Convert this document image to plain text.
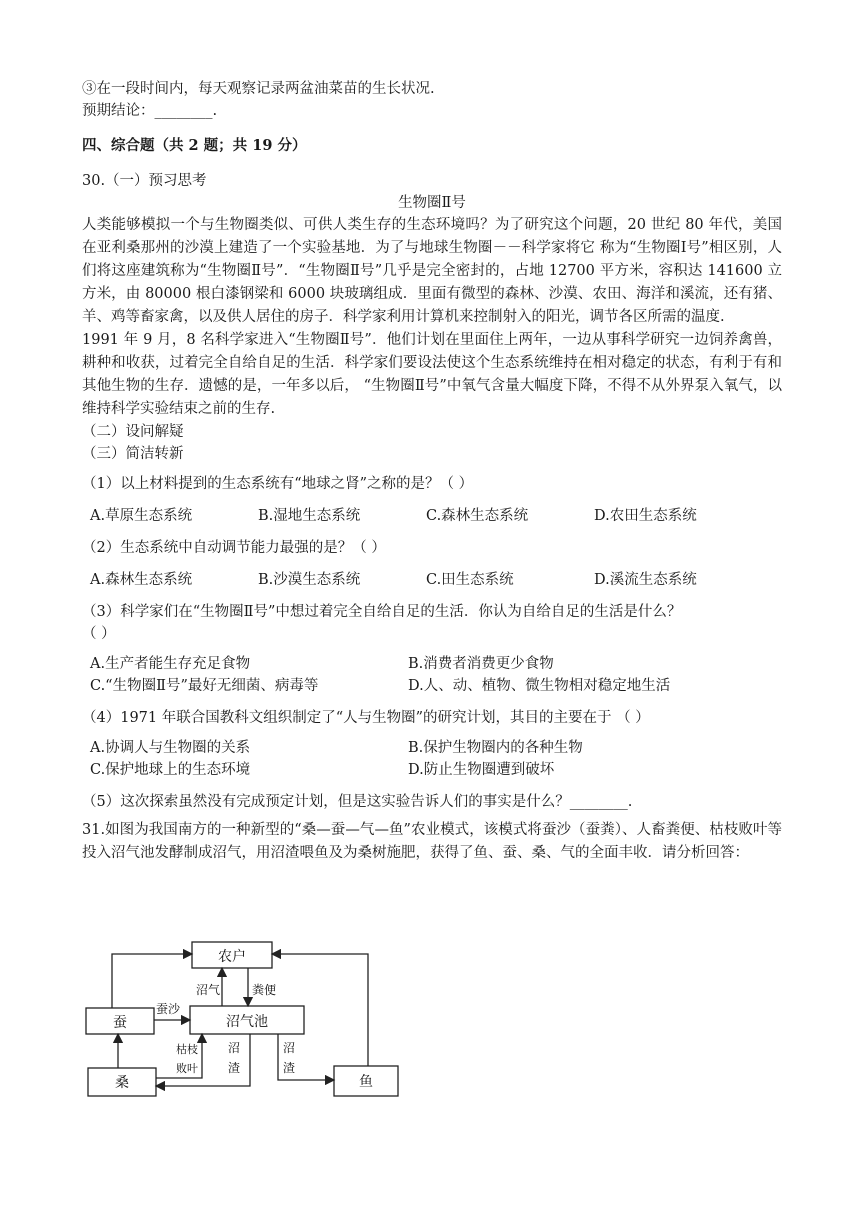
③在一段时间内，每天观察记录两盆油菜苗的生长状况.
预期结论：________.
四、综合题（共 2 题；共 19 分）
30.（一）预习思考
生物圈Ⅱ号
人类能够模拟一个与生物圈类似、可供人类生存的生态环境吗？为了研究这个问题，20 世纪 80 年代，美国在亚利桑那州的沙漠上建造了一个实验基地．为了与地球生物圈－－科学家将它 称为“生物圈Ⅰ号”相区别，人们将这座建筑称为“生物圈Ⅱ号”．“生物圈Ⅱ号”几乎是完全密封的，占地 12700 平方米，容积达 141600 立方米，由 80000 根白漆钢梁和 6000 块玻璃组成．里面有微型的森林、沙漠、农田、海洋和溪流，还有猪、羊、鸡等畜家禽，以及供人居住的房子．科学家利用计算机来控制射入的阳光，调节各区所需的温度.
1991 年 9 月，8 名科学家进入“生物圈Ⅱ号”．他们计划在里面住上两年，一边从事科学研究一边饲养禽兽，耕种和收获，过着完全自给自足的生活．科学家们要设法使这个生态系统维持在相对稳定的状态，有利于有和其他生物的生存．遗憾的是，一年多以后， “生物圈Ⅱ号”中氧气含量大幅度下降，不得不从外界泵入氧气，以维持科学实验结束之前的生存.
（二）设问解疑
（三）简洁转新
（1）以上材料提到的生态系统有“地球之肾”之称的是？（ ）
A.草原生态系统	B.湿地生态系统	C.森林生态系统	D.农田生态系统
（2）生态系统中自动调节能力最强的是？（ ）
A.森林生态系统	B.沙漠生态系统	C.田生态系统	D.溪流生态系统
（3）科学家们在“生物圈Ⅱ号”中想过着完全自给自足的生活．你认为自给自足的生活是什么？
（ ）
A.生产者能生存充足食物	B.消费者消费更少食物
C.“生物圈Ⅱ号”最好无细菌、病毒等	D.人、动、植物、微生物相对稳定地生活
（4）1971 年联合国教科文组织制定了“人与生物圈”的研究计划，其目的主要在于 （ ）
A.协调人与生物圈的关系	B.保护生物圈内的各种生物
C.保护地球上的生态环境	D.防止生物圈遭到破坏
（5）这次探索虽然没有完成预定计划，但是这实验告诉人们的事实是什么？________.
31.如图为我国南方的一种新型的“桑—蚕—气—鱼”农业模式，该模式将蚕沙（蚕粪）、人畜粪便、枯枝败叶等投入沼气池发酵制成沼气，用沼渣喂鱼及为桑树施肥，获得了鱼、蚕、桑、气的全面丰收．请分析回答：
农户
蚕	沼气池
桑	鱼
沼气	粪便
蚕沙
枯枝
败叶
沼
渣
沼
渣
